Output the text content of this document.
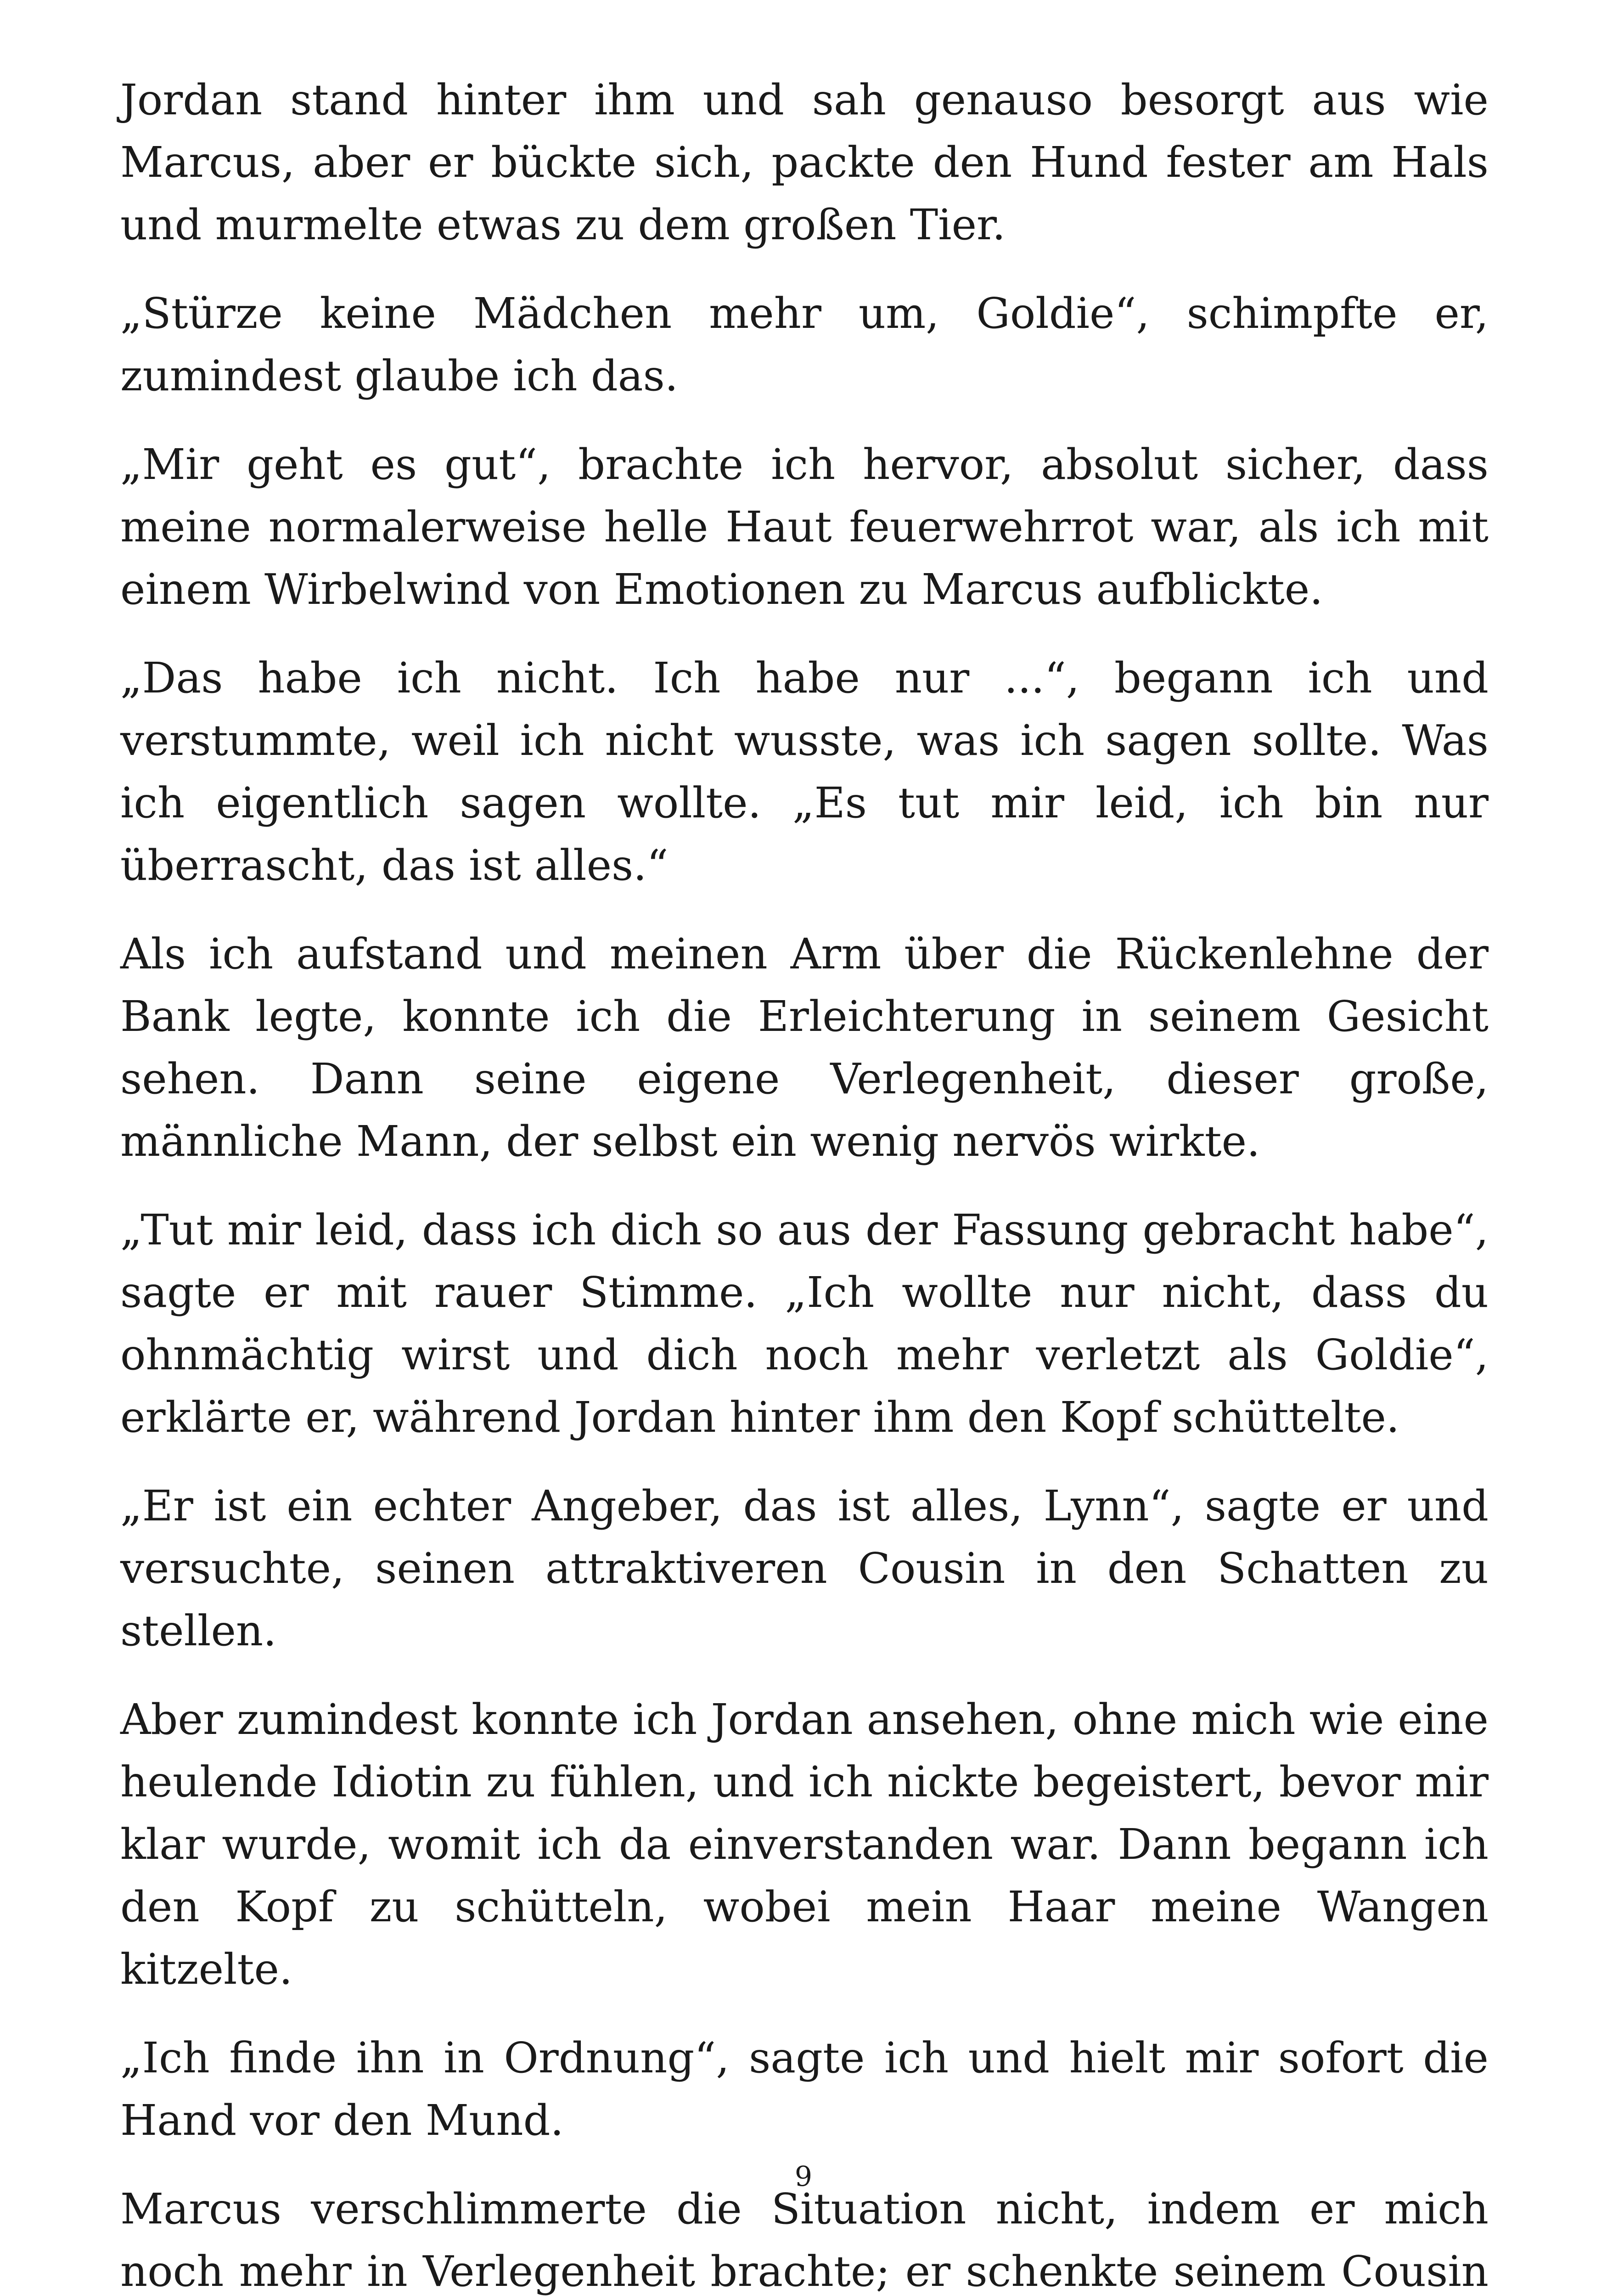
Jordan stand hinter ihm und sah genauso besorgt aus wie Marcus, aber er bückte sich, packte den Hund fester am Hals und murmelte etwas zu dem großen Tier.

„Stürze keine Mädchen mehr um, Goldie“, schimpfte er, zumindest glaube ich das.

„Mir geht es gut“, brachte ich hervor, absolut sicher, dass meine normalerweise helle Haut feuerwehrrot war, als ich mit einem Wirbelwind von Emotionen zu Marcus aufblickte.

„Das habe ich nicht. Ich habe nur ...“, begann ich und verstummte, weil ich nicht wusste, was ich sagen sollte. Was ich eigentlich sagen wollte. „Es tut mir leid, ich bin nur überrascht, das ist alles.“

Als ich aufstand und meinen Arm über die Rückenlehne der Bank legte, konnte ich die Erleichterung in seinem Gesicht sehen. Dann seine eigene Verlegenheit, dieser große, männliche Mann, der selbst ein wenig nervös wirkte.

„Tut mir leid, dass ich dich so aus der Fassung gebracht habe“, sagte er mit rauer Stimme. „Ich wollte nur nicht, dass du ohnmächtig wirst und dich noch mehr verletzt als Goldie“, erklärte er, während Jordan hinter ihm den Kopf schüttelte.

„Er ist ein echter Angeber, das ist alles, Lynn“, sagte er und versuchte, seinen attraktiveren Cousin in den Schatten zu stellen.

Aber zumindest konnte ich Jordan ansehen, ohne mich wie eine heulende Idiotin zu fühlen, und ich nickte begeistert, bevor mir klar wurde, womit ich da einverstanden war. Dann begann ich den Kopf zu schütteln, wobei mein Haar meine Wangen kitzelte.

„Ich finde ihn in Ordnung“, sagte ich und hielt mir sofort die Hand vor den Mund.

Marcus verschlimmerte die Situation nicht, indem er mich noch mehr in Verlegenheit brachte; er schenkte seinem Cousin

9
